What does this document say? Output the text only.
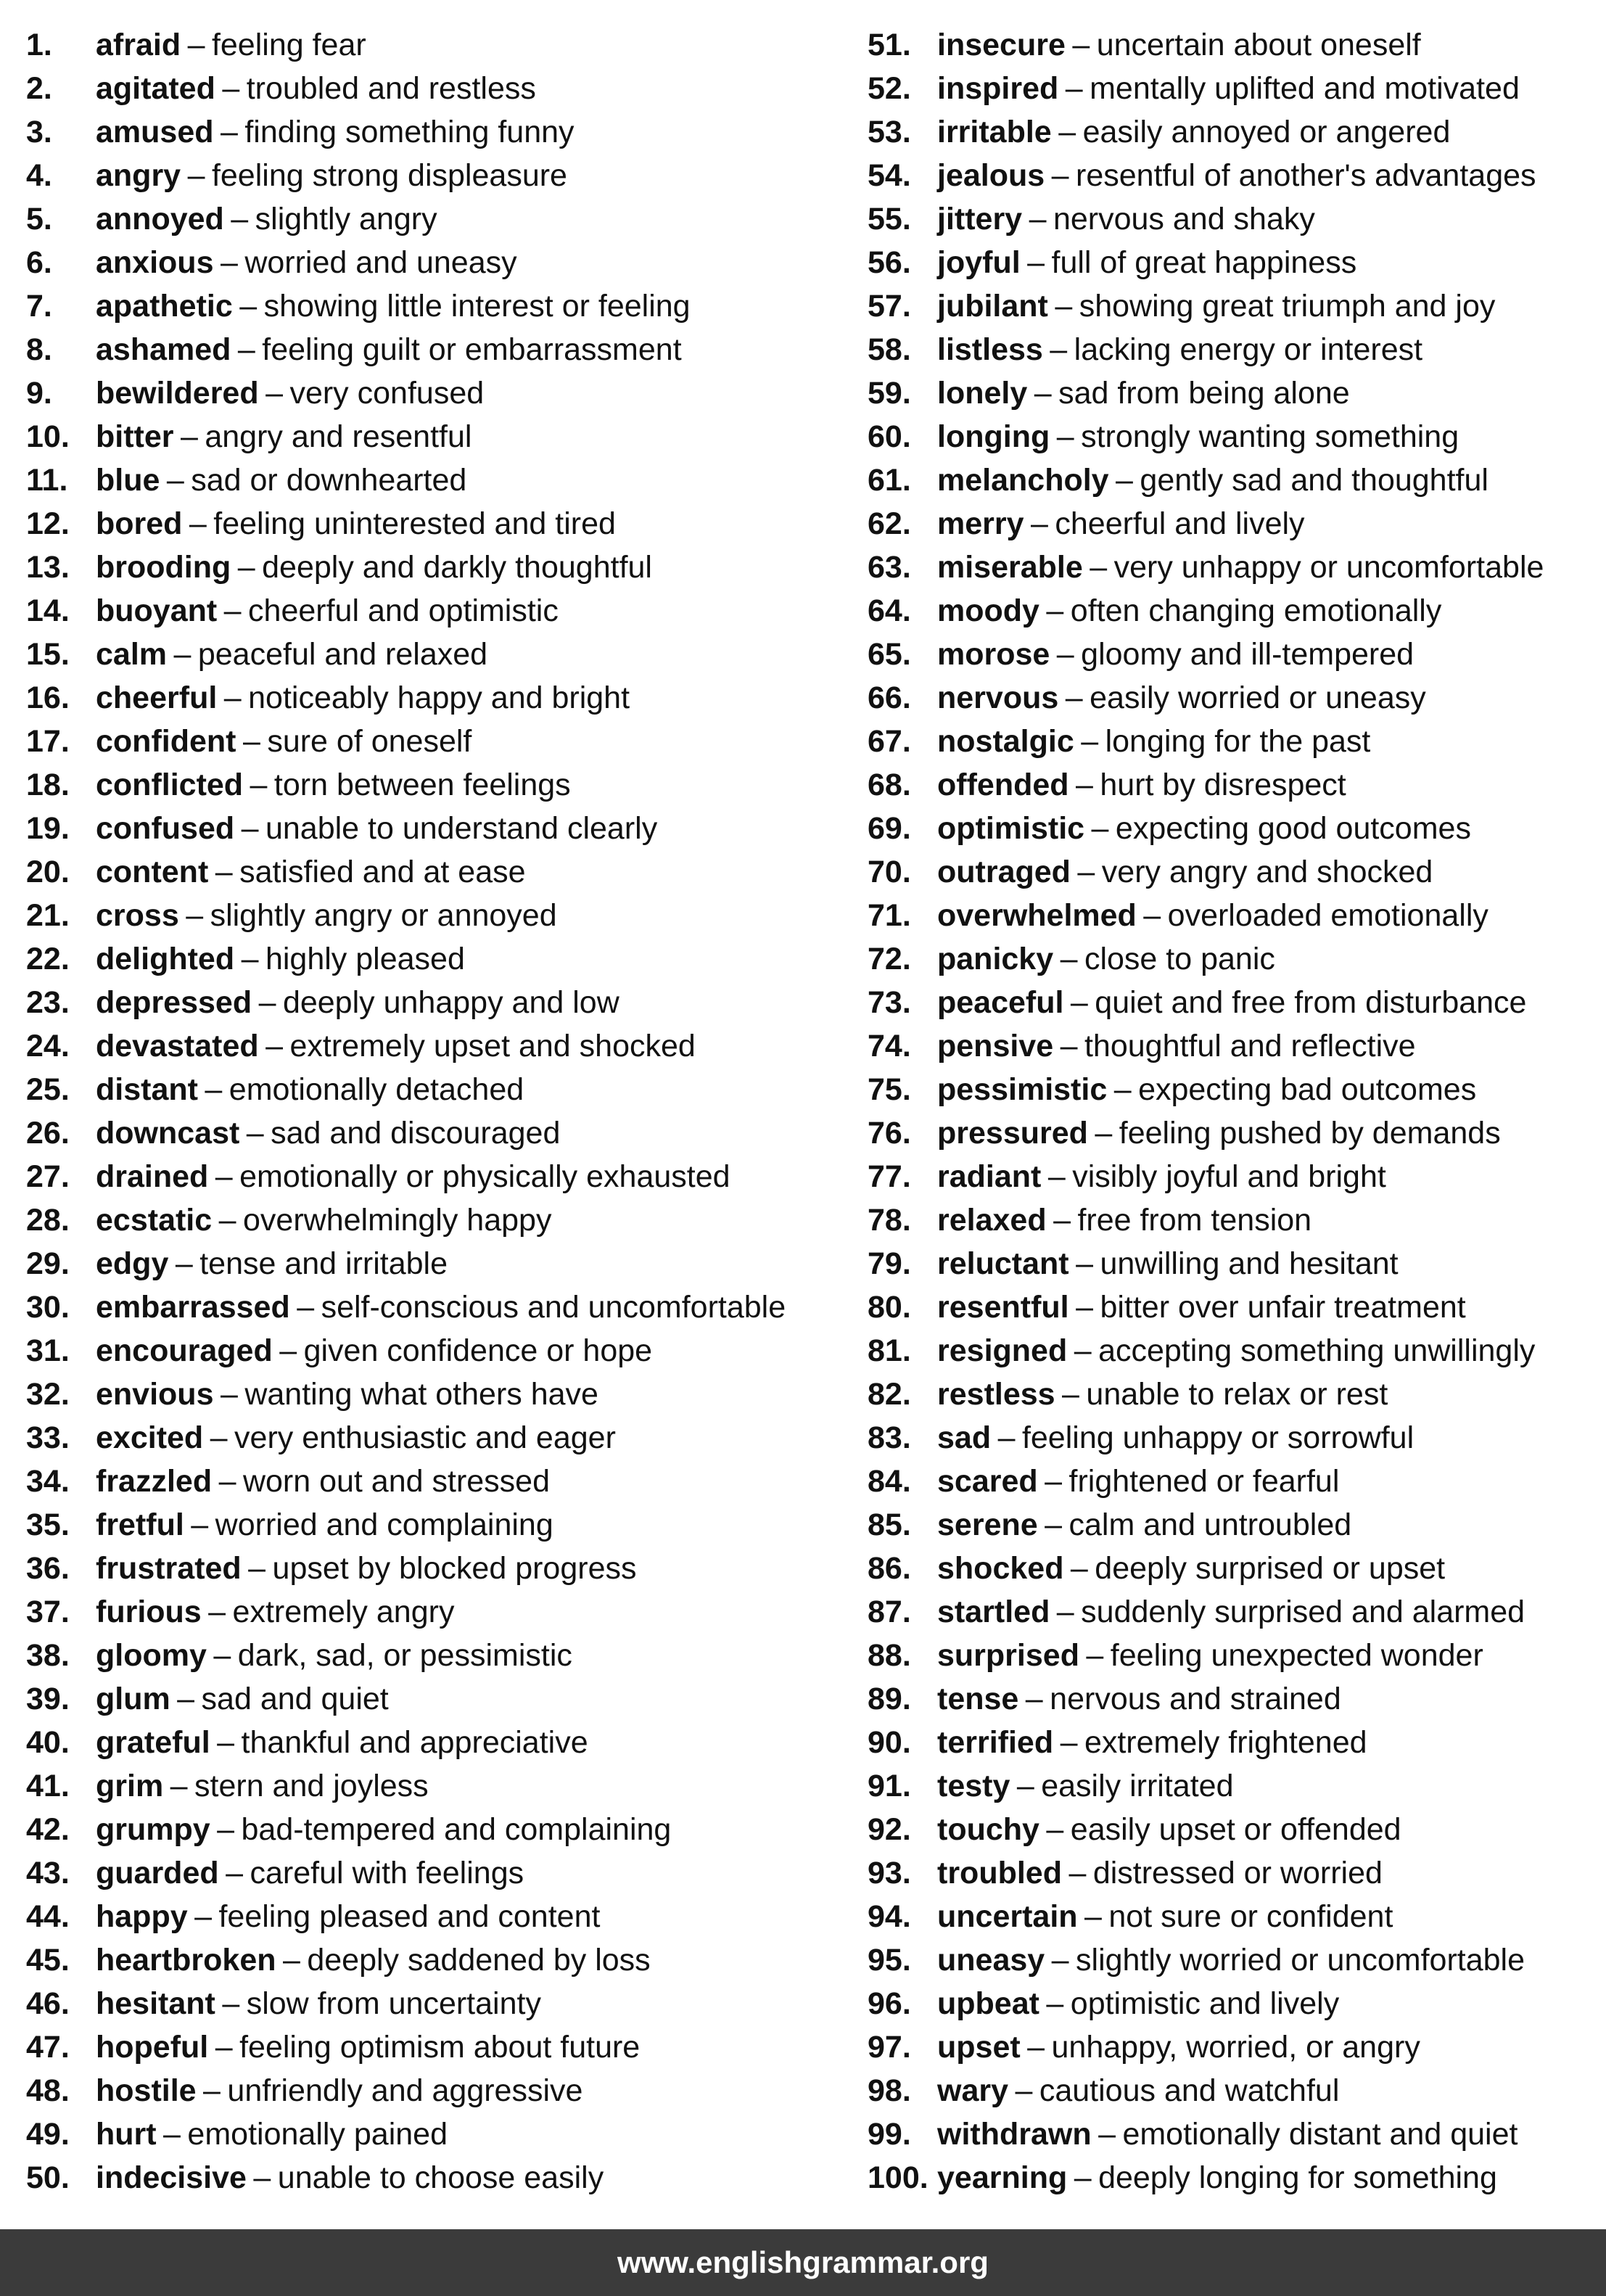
1.	afraid – feeling fear
2.	agitated – troubled and restless
3.	amused – finding something funny
4.	angry – feeling strong displeasure
5.	annoyed – slightly angry
6.	anxious – worried and uneasy
7.	apathetic – showing little interest or feeling
8.	ashamed – feeling guilt or embarrassment
9.	bewildered – very confused
10. bitter – angry and resentful
11. blue – sad or downhearted
12. bored – feeling uninterested and tired
13. brooding – deeply and darkly thoughtful
14. buoyant – cheerful and optimistic
15. calm – peaceful and relaxed
16. cheerful – noticeably happy and bright
17. confident – sure of oneself
18. conflicted – torn between feelings
19. confused – unable to understand clearly
20. content – satisfied and at ease
21. cross – slightly angry or annoyed
22. delighted – highly pleased
23. depressed – deeply unhappy and low
24. devastated – extremely upset and shocked
25. distant – emotionally detached
26. downcast – sad and discouraged
27. drained – emotionally or physically exhausted
28. ecstatic – overwhelmingly happy
29. edgy – tense and irritable
30. embarrassed – self-conscious and uncomfortable
31. encouraged – given confidence or hope
32. envious – wanting what others have
33. excited – very enthusiastic and eager
34. frazzled – worn out and stressed
35. fretful – worried and complaining
36. frustrated – upset by blocked progress
37. furious – extremely angry
38. gloomy – dark, sad, or pessimistic
39. glum – sad and quiet
40. grateful – thankful and appreciative
41. grim – stern and joyless
42. grumpy – bad-tempered and complaining
43. guarded – careful with feelings
44. happy – feeling pleased and content
45. heartbroken – deeply saddened by loss
46. hesitant – slow from uncertainty
47. hopeful – feeling optimism about future
48. hostile – unfriendly and aggressive
49. hurt – emotionally pained
50. indecisive – unable to choose easily
51. insecure – uncertain about oneself
52. inspired – mentally uplifted and motivated
53. irritable – easily annoyed or angered
54. jealous – resentful of another's advantages
55. jittery – nervous and shaky
56. joyful – full of great happiness
57. jubilant – showing great triumph and joy
58. listless – lacking energy or interest
59. lonely – sad from being alone
60. longing – strongly wanting something
61. melancholy – gently sad and thoughtful
62. merry – cheerful and lively
63. miserable – very unhappy or uncomfortable
64. moody – often changing emotionally
65. morose – gloomy and ill-tempered
66. nervous – easily worried or uneasy
67. nostalgic – longing for the past
68. offended – hurt by disrespect
69. optimistic – expecting good outcomes
70. outraged – very angry and shocked
71. overwhelmed – overloaded emotionally
72. panicky – close to panic
73. peaceful – quiet and free from disturbance
74. pensive – thoughtful and reflective
75. pessimistic – expecting bad outcomes
76. pressured – feeling pushed by demands
77. radiant – visibly joyful and bright
78. relaxed – free from tension
79. reluctant – unwilling and hesitant
80. resentful – bitter over unfair treatment
81. resigned – accepting something unwillingly
82. restless – unable to relax or rest
83. sad – feeling unhappy or sorrowful
84. scared – frightened or fearful
85. serene – calm and untroubled
86. shocked – deeply surprised or upset
87. startled – suddenly surprised and alarmed
88. surprised – feeling unexpected wonder
89. tense – nervous and strained
90. terrified – extremely frightened
91. testy – easily irritated
92. touchy – easily upset or offended
93. troubled – distressed or worried
94. uncertain – not sure or confident
95. uneasy – slightly worried or uncomfortable
96. upbeat – optimistic and lively
97. upset – unhappy, worried, or angry
98. wary – cautious and watchful
99. withdrawn – emotionally distant and quiet
100. yearning – deeply longing for something
www.englishgrammar.org
